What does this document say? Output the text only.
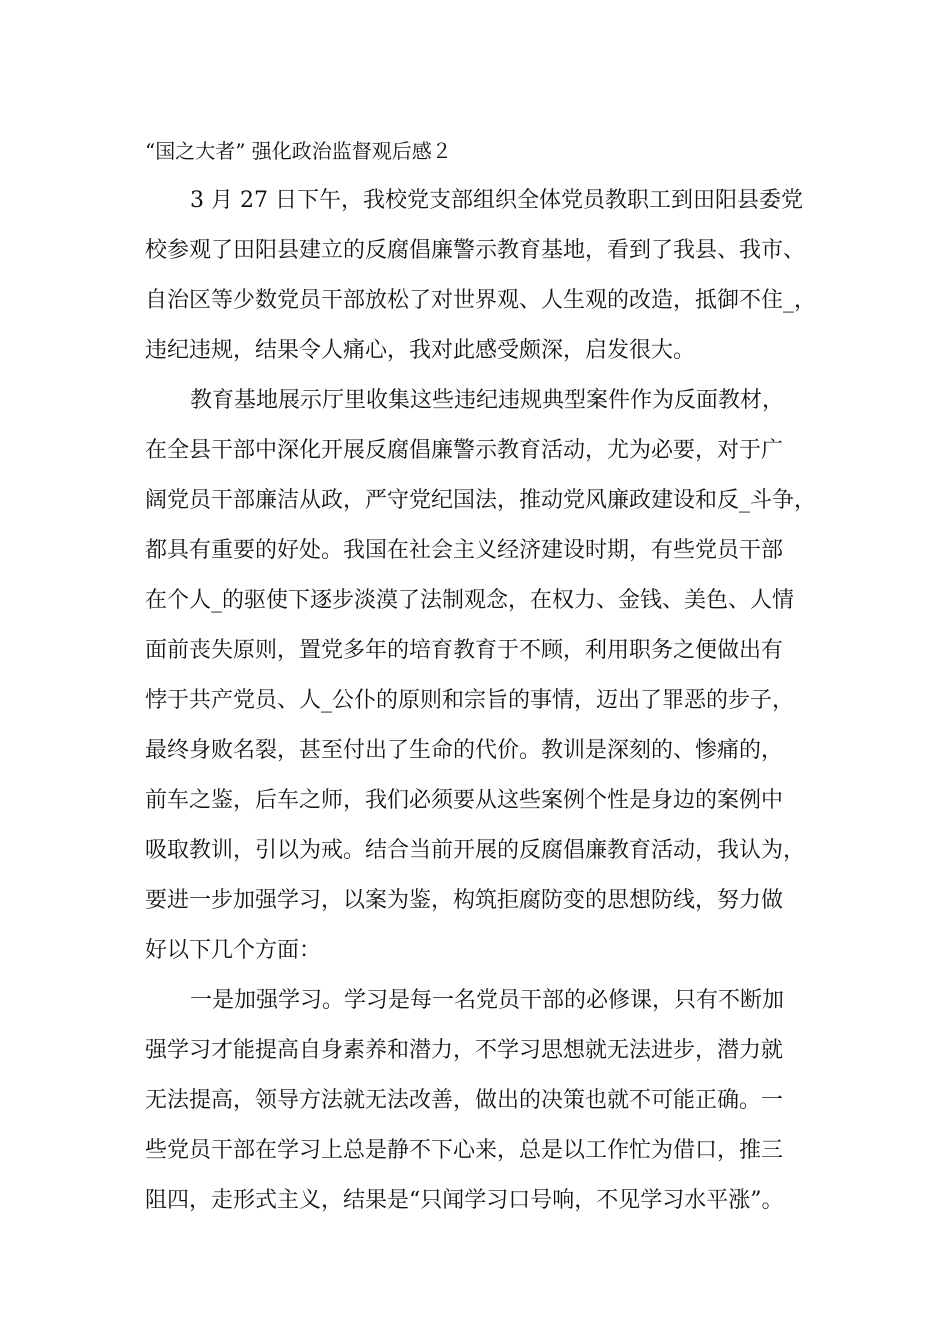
“国之大者” 强化政治监督观后感２

3 月 27 日下午，我校党支部组织全体党员教职工到田阳县委党

校参观了田阳县建立的反腐倡廉警示教育基地，看到了我县、我市、

自治区等少数党员干部放松了对世界观、人生观的改造，抵御不住_，

违纪违规，结果令人痛心，我对此感受颇深，启发很大。

教育基地展示厅里收集这些违纪违规典型案件作为反面教材，

在全县干部中深化开展反腐倡廉警示教育活动，尤为必要，对于广

阔党员干部廉洁从政，严守党纪国法，推动党风廉政建设和反_斗争，

都具有重要的好处。我国在社会主义经济建设时期，有些党员干部

在个人_的驱使下逐步淡漠了法制观念，在权力、金钱、美色、人情

面前丧失原则，置党多年的培育教育于不顾，利用职务之便做出有

悖于共产党员、人_公仆的原则和宗旨的事情，迈出了罪恶的步子，

最终身败名裂，甚至付出了生命的代价。教训是深刻的、惨痛的，

前车之鉴，后车之师，我们必须要从这些案例个性是身边的案例中

吸取教训，引以为戒。结合当前开展的反腐倡廉教育活动，我认为，

要进一步加强学习，以案为鉴，构筑拒腐防变的思想防线，努力做

好以下几个方面：

一是加强学习。学习是每一名党员干部的必修课，只有不断加

强学习才能提高自身素养和潜力，不学习思想就无法进步，潜力就

无法提高，领导方法就无法改善，做出的决策也就不可能正确。一

些党员干部在学习上总是静不下心来，总是以工作忙为借口，推三

阻四，走形式主义，结果是“只闻学习口号响，不见学习水平涨”。
